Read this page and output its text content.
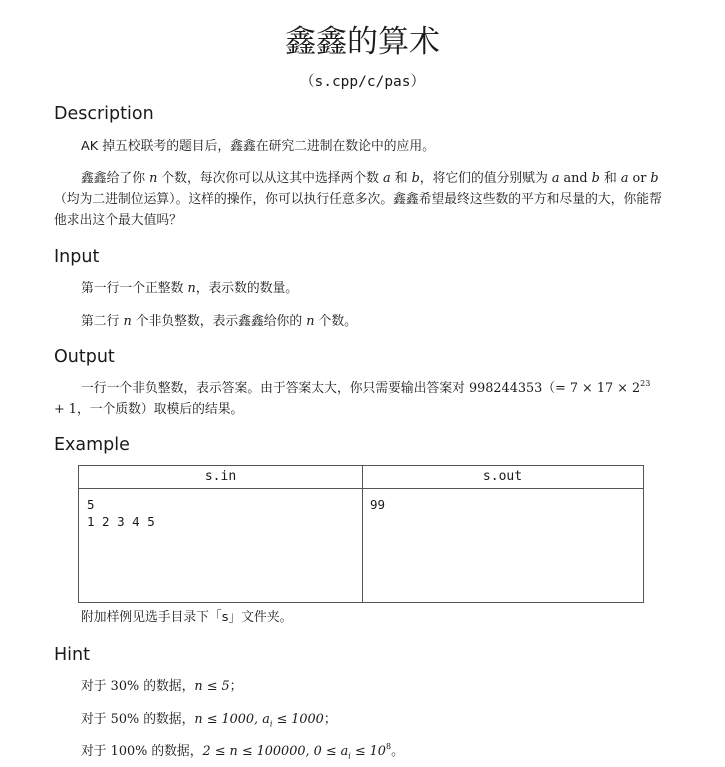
鑫鑫的算术
（s.cpp/c/pas）
Description

AK 掉五校联考的题目后，鑫鑫在研究二进制在数论中的应用。

鑫鑫给了你 n 个数，每次你可以从这其中选择两个数 a 和 b，将它们的值分别赋为 a and b 和 a or b（均为二进制位运算）。这样的操作，你可以执行任意多次。鑫鑫希望最终这些数的平方和尽量的大，你能帮他求出这个最大值吗？

Input

第一行一个正整数 n，表示数的数量。

第二行 n 个非负整数，表示鑫鑫给你的 n 个数。

Output

一行一个非负整数，表示答案。由于答案太大，你只需要输出答案对 $998244353(= 7 \times 17 \times 2^{23} + 1$，一个质数）取模后的结果。

Example
s.in
5
1 2 3 4 5
s.out
99
附加样例见选手目录下「s」文件夹。
Hint

对于 30% 的数据，n ≤ 5；

对于 50% 的数据，n ≤ 1000, $a_i \le 1000$；

对于 100% 的数据，2 ≤ n ≤ 100000, $0 \le a_i \le 10^8$。
